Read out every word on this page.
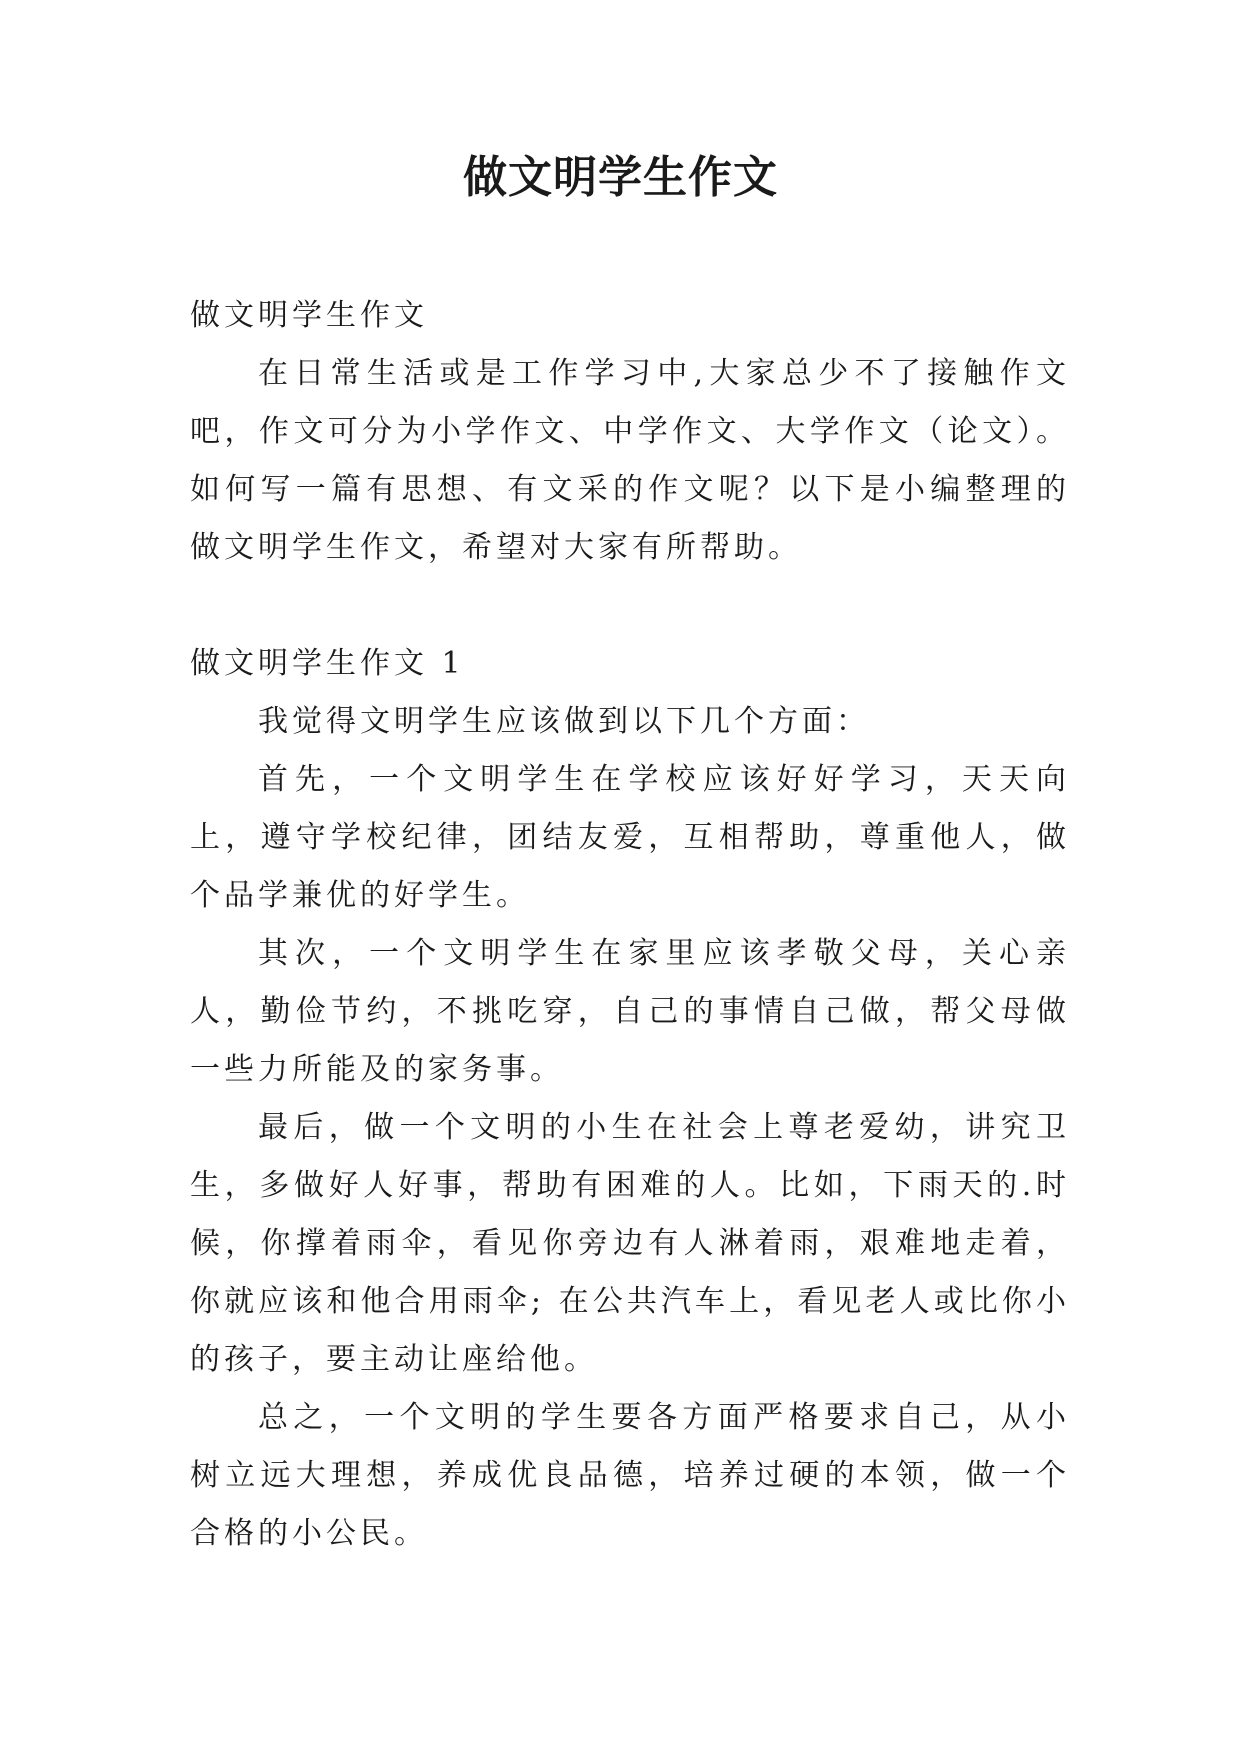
做文明学生作文

做文明学生作文

在日常生活或是工作学习中,大家总少不了接触作文吧，作文可分为小学作文、中学作文、大学作文（论文）。如何写一篇有思想、有文采的作文呢？以下是小编整理的做文明学生作文，希望对大家有所帮助。

做文明学生作文 1

我觉得文明学生应该做到以下几个方面：

首先，一个文明学生在学校应该好好学习，天天向上，遵守学校纪律，团结友爱，互相帮助，尊重他人，做个品学兼优的好学生。

其次，一个文明学生在家里应该孝敬父母，关心亲人，勤俭节约，不挑吃穿，自己的事情自己做，帮父母做一些力所能及的家务事。

最后，做一个文明的小生在社会上尊老爱幼，讲究卫生，多做好人好事，帮助有困难的人。比如，下雨天的.时候，你撑着雨伞，看见你旁边有人淋着雨，艰难地走着，你就应该和他合用雨伞; 在公共汽车上，看见老人或比你小的孩子，要主动让座给他。

总之，一个文明的学生要各方面严格要求自己，从小树立远大理想，养成优良品德，培养过硬的本领，做一个合格的小公民。
